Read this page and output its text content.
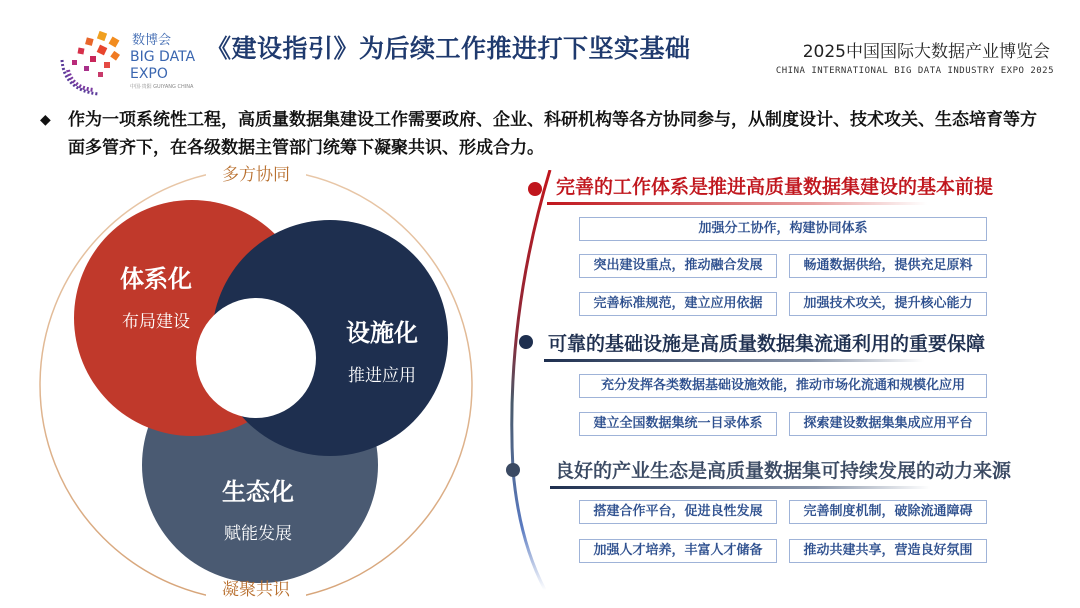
数博会
BIG DATA
EXPO
中国·贵阳 GUIYANG CHINA
《建设指引》为后续工作推进打下坚实基础	2025中国国际大数据产业博览会
CHINA INTERNATIONAL BIG DATA INDUSTRY EXPO 2025
◆	作为一项系统性工程，高质量数据集建设工作需要政府、企业、科研机构等各方协同参与，从制度设计、技术攻关、生态培育等方面多管齐下，在各级数据主管部门统筹下凝聚共识、形成合力。
体系化
布局建设	设施化
推进应用
生态化
赋能发展
多方协同
凝聚共识
完善的工作体系是推进高质量数据集建设的基本前提
加强分工协作，构建协同体系
突出建设重点，推动融合发展	畅通数据供给，提供充足原料
完善标准规范，建立应用依据	加强技术攻关，提升核心能力
可靠的基础设施是高质量数据集流通利用的重要保障
充分发挥各类数据基础设施效能，推动市场化流通和规模化应用
建立全国数据集统一目录体系	探索建设数据集集成应用平台
良好的产业生态是高质量数据集可持续发展的动力来源
搭建合作平台，促进良性发展	完善制度机制，破除流通障碍
加强人才培养，丰富人才储备	推动共建共享，营造良好氛围
